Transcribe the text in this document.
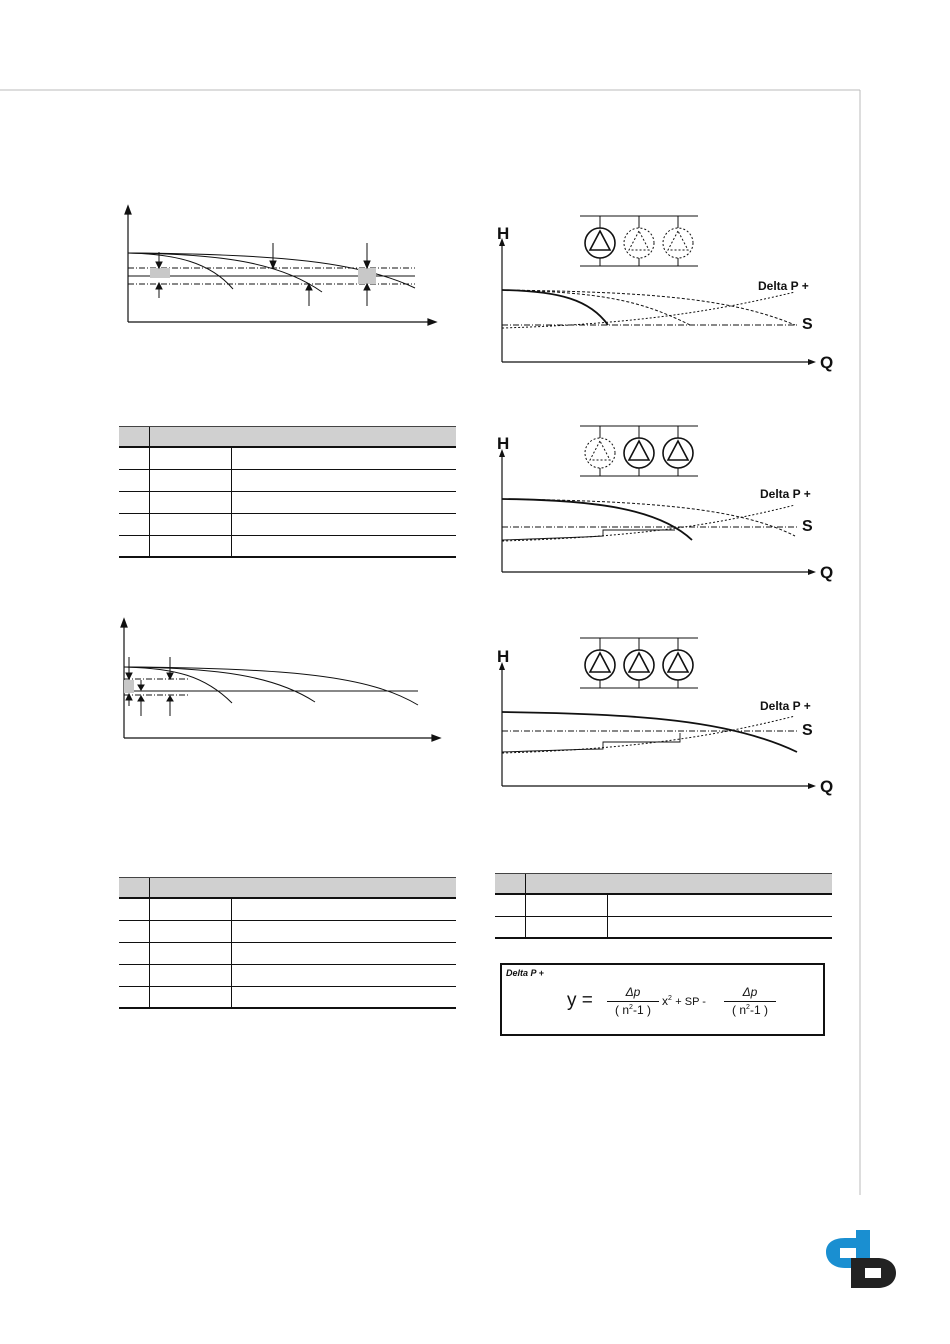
H
Q
Delta P +
S
H
Q
Delta P +
S
H
Q
Delta P +
S
Delta P +
y =	Δp
( $n^2-1$ )
$x^2$ + SP -
Δp
( $n^2-1$ )
